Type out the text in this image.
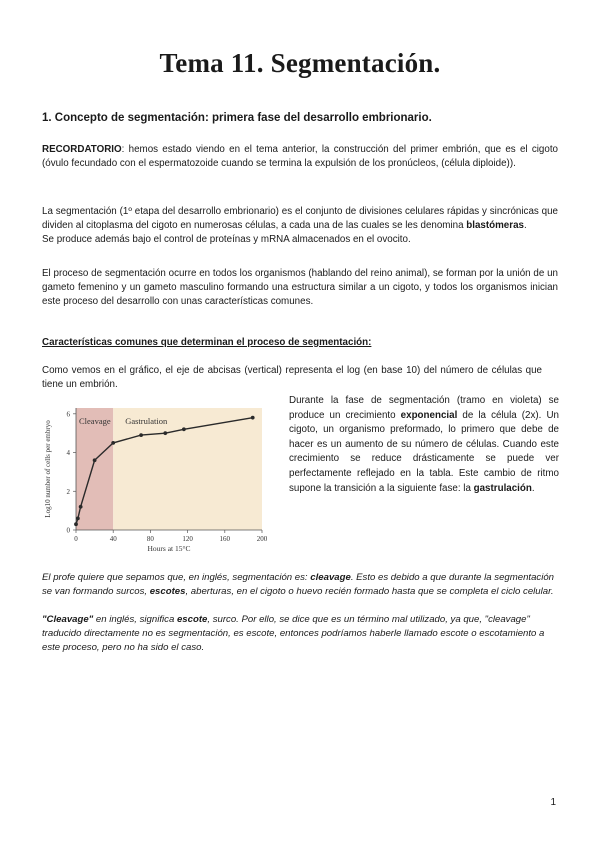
Tema 11. Segmentación.
1. Concepto de segmentación: primera fase del desarrollo embrionario.

RECORDATORIO: hemos estado viendo en el tema anterior, la construcción del primer embrión, que es el cigoto (óvulo fecundado con el espermatozoide cuando se termina la expulsión de los pronúcleos, (célula diploide)).

La segmentación (1º etapa del desarrollo embrionario) es el conjunto de divisiones celulares rápidas y sincrónicas que dividen al citoplasma del cigoto en numerosas células, a cada una de las cuales se les denomina blastómeras.
Se produce además bajo el control de proteínas y mRNA almacenados en el ovocito.

El proceso de segmentación ocurre en todos los organismos (hablando del reino animal), se forman por la unión de un gameto femenino y un gameto masculino formando una estructura similar a un cigoto, y todos los organismos inician este proceso del desarrollo con unas características comunes.

Características comunes que determinan el proceso de segmentación:

Como vemos en el gráfico, el eje de abcisas (vertical) representa el log (en base 10) del número de células que tiene un embrión.

Cleavage Gastrulation
0	40	80	120	160	200
0
2
4
6
Hours at 15°C
Log10 number of cells per embryo

Durante la fase de segmentación (tramo en violeta) se produce un crecimiento exponencial de la célula (2x). Un cigoto, un organismo preformado, lo primero que debe de hacer es un aumento de su número de células. Cuando este crecimiento se reduce drásticamente se puede ver perfectamente reflejado en la tabla. Este cambio de ritmo supone la transición a la siguiente fase: la gastrulación.

El profe quiere que sepamos que, en inglés, segmentación es: cleavage. Esto es debido a que durante la segmentación se van formando surcos, escotes, aberturas, en el cigoto o huevo recién formado hasta que se completa el ciclo celular.

"Cleavage" en inglés, significa escote, surco. Por ello, se dice que es un término mal utilizado, ya que, "cleavage" traducido directamente no es segmentación, es escote, entonces podríamos haberle llamado escote o escotamiento a este proceso, pero no ha sido el caso.

1
